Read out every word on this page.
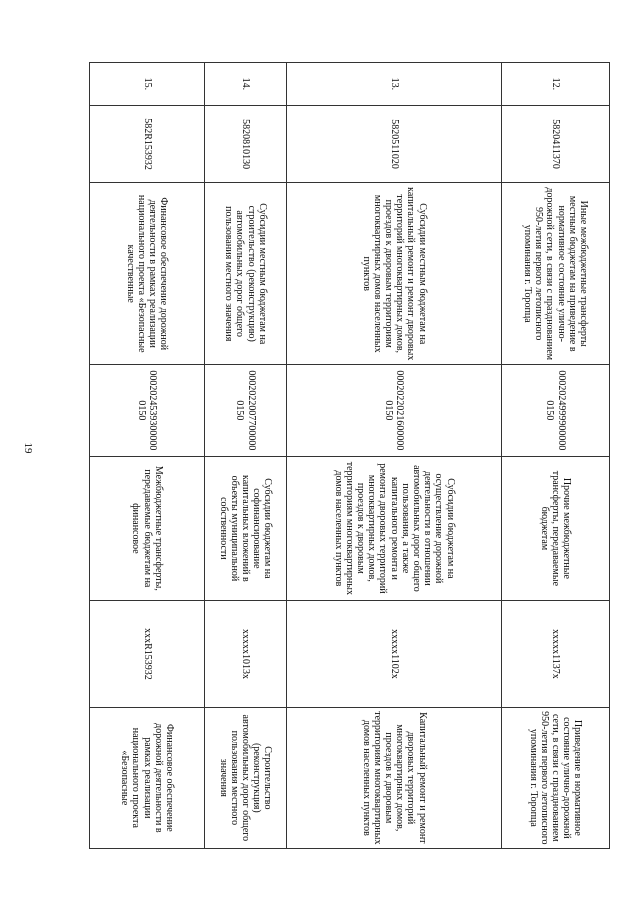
19
12.	5820411370	Иные межбюджетные трансферты местным бюджетам на приведение в нормативное состояние улично-дорожной сети, в связи с празднованием 950-летия первого летописного упоминания г. Торопца	00020249999000000150	Прочие межбюджетные трансферты, передаваемые бюджетам	xxxxx1137x	Приведение в нормативное состояние улично-дорожной сети, в связи с празднованием 950-летия первого летописного упоминания г. Торопца
13.	5820511020	Субсидии местным бюджетам на капитальный ремонт и ремонт дворовых территорий многоквартирных домов, проездов к дворовым территориям многоквартирных домов населенных пунктов	00020220216000000150	Субсидии бюджетам на осуществление дорожной деятельности в отношении автомобильных дорог общего пользования, а также капитального ремонта и ремонта дворовых территорий многоквартирных домов, проездов к дворовым территориям многоквартирных домов населенных пунктов	xxxxx1102x	Капитальный ремонт и ремонт дворовых территорий многоквартирных домов, проездов к дворовым территориям многоквартирных домов населенных пунктов
14.	5820810130	Субсидии местным бюджетам на строительство (реконструкцию) автомобильных дорог общего пользования местного значения	00020220077000000150	Субсидии бюджетам на софинансирование капитальных вложений в объекты муниципальной собственности	xxxxx1013x	Строительство (реконструкция) автомобильных дорог общего пользования местного значения
15.	582R153932	Финансовое обеспечение дорожной деятельности в рамках реализации национального проекта «Безопасные качественные	00020245393000000150	Межбюджетные трансферты, передаваемые бюджетам на финансовое	xxxR153932	Финансовое обеспечение дорожной деятельности в рамках реализации национального проекта «Безопасные
